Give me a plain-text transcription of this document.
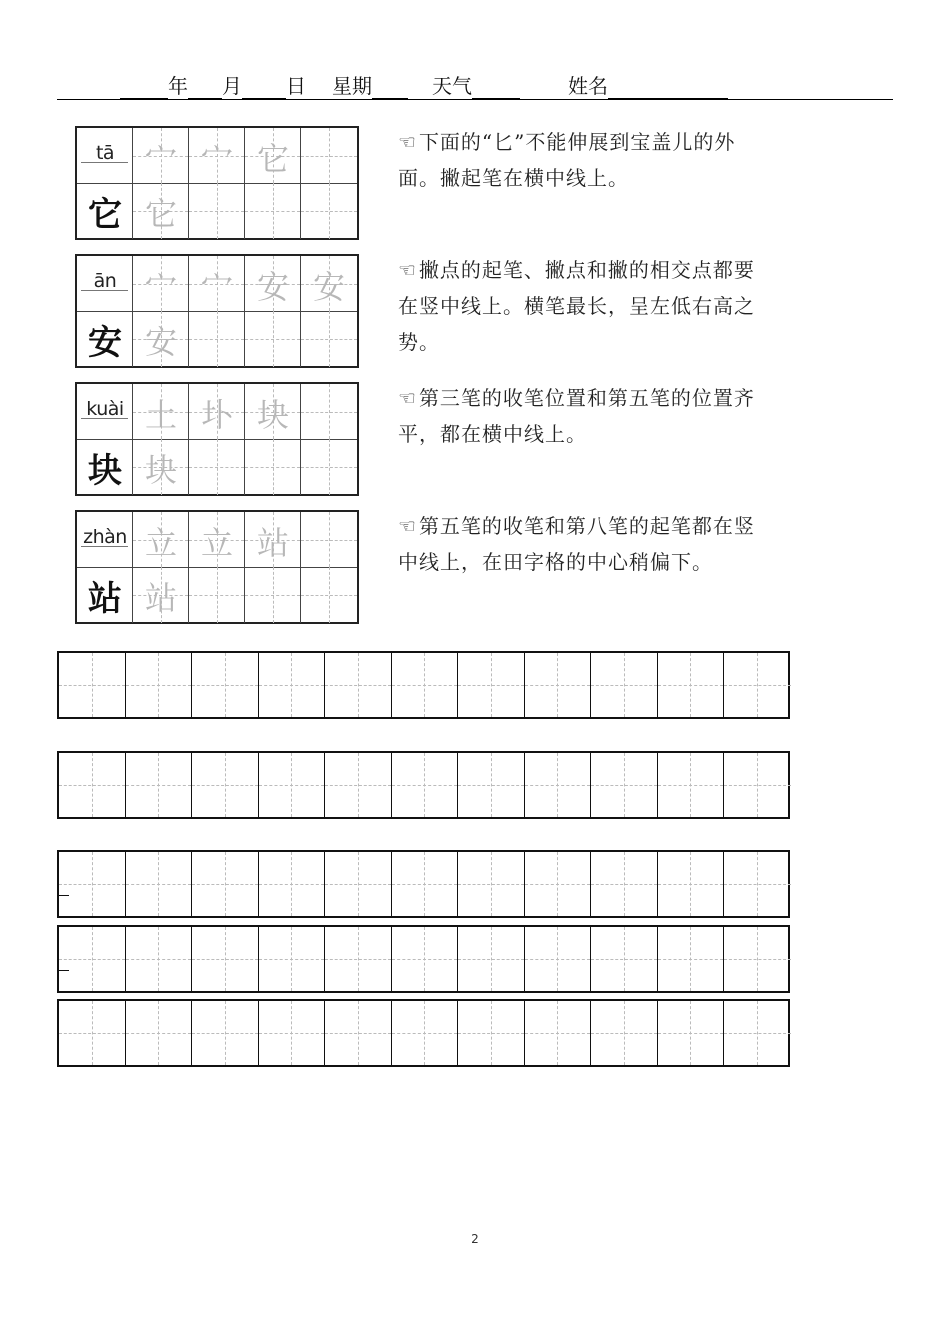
年 月 日 星期	天气	姓名
tā 宀 宀 它
它 它
☜ 下面的“匕”不能伸展到宝盖儿的外面。撇起笔在横中线上。
ān 宀 宀 安 安
安 安
☜ 撇点的起笔、撇点和撇的相交点都要在竖中线上。横笔最长，呈左低右高之势。
kuài 土 圤 块
块 块
☜ 第三笔的收笔位置和第五笔的位置齐平，都在横中线上。
zhàn 立 立 站
站 站
☜ 第五笔的收笔和第八笔的起笔都在竖中线上，在田字格的中心稍偏下。
2
